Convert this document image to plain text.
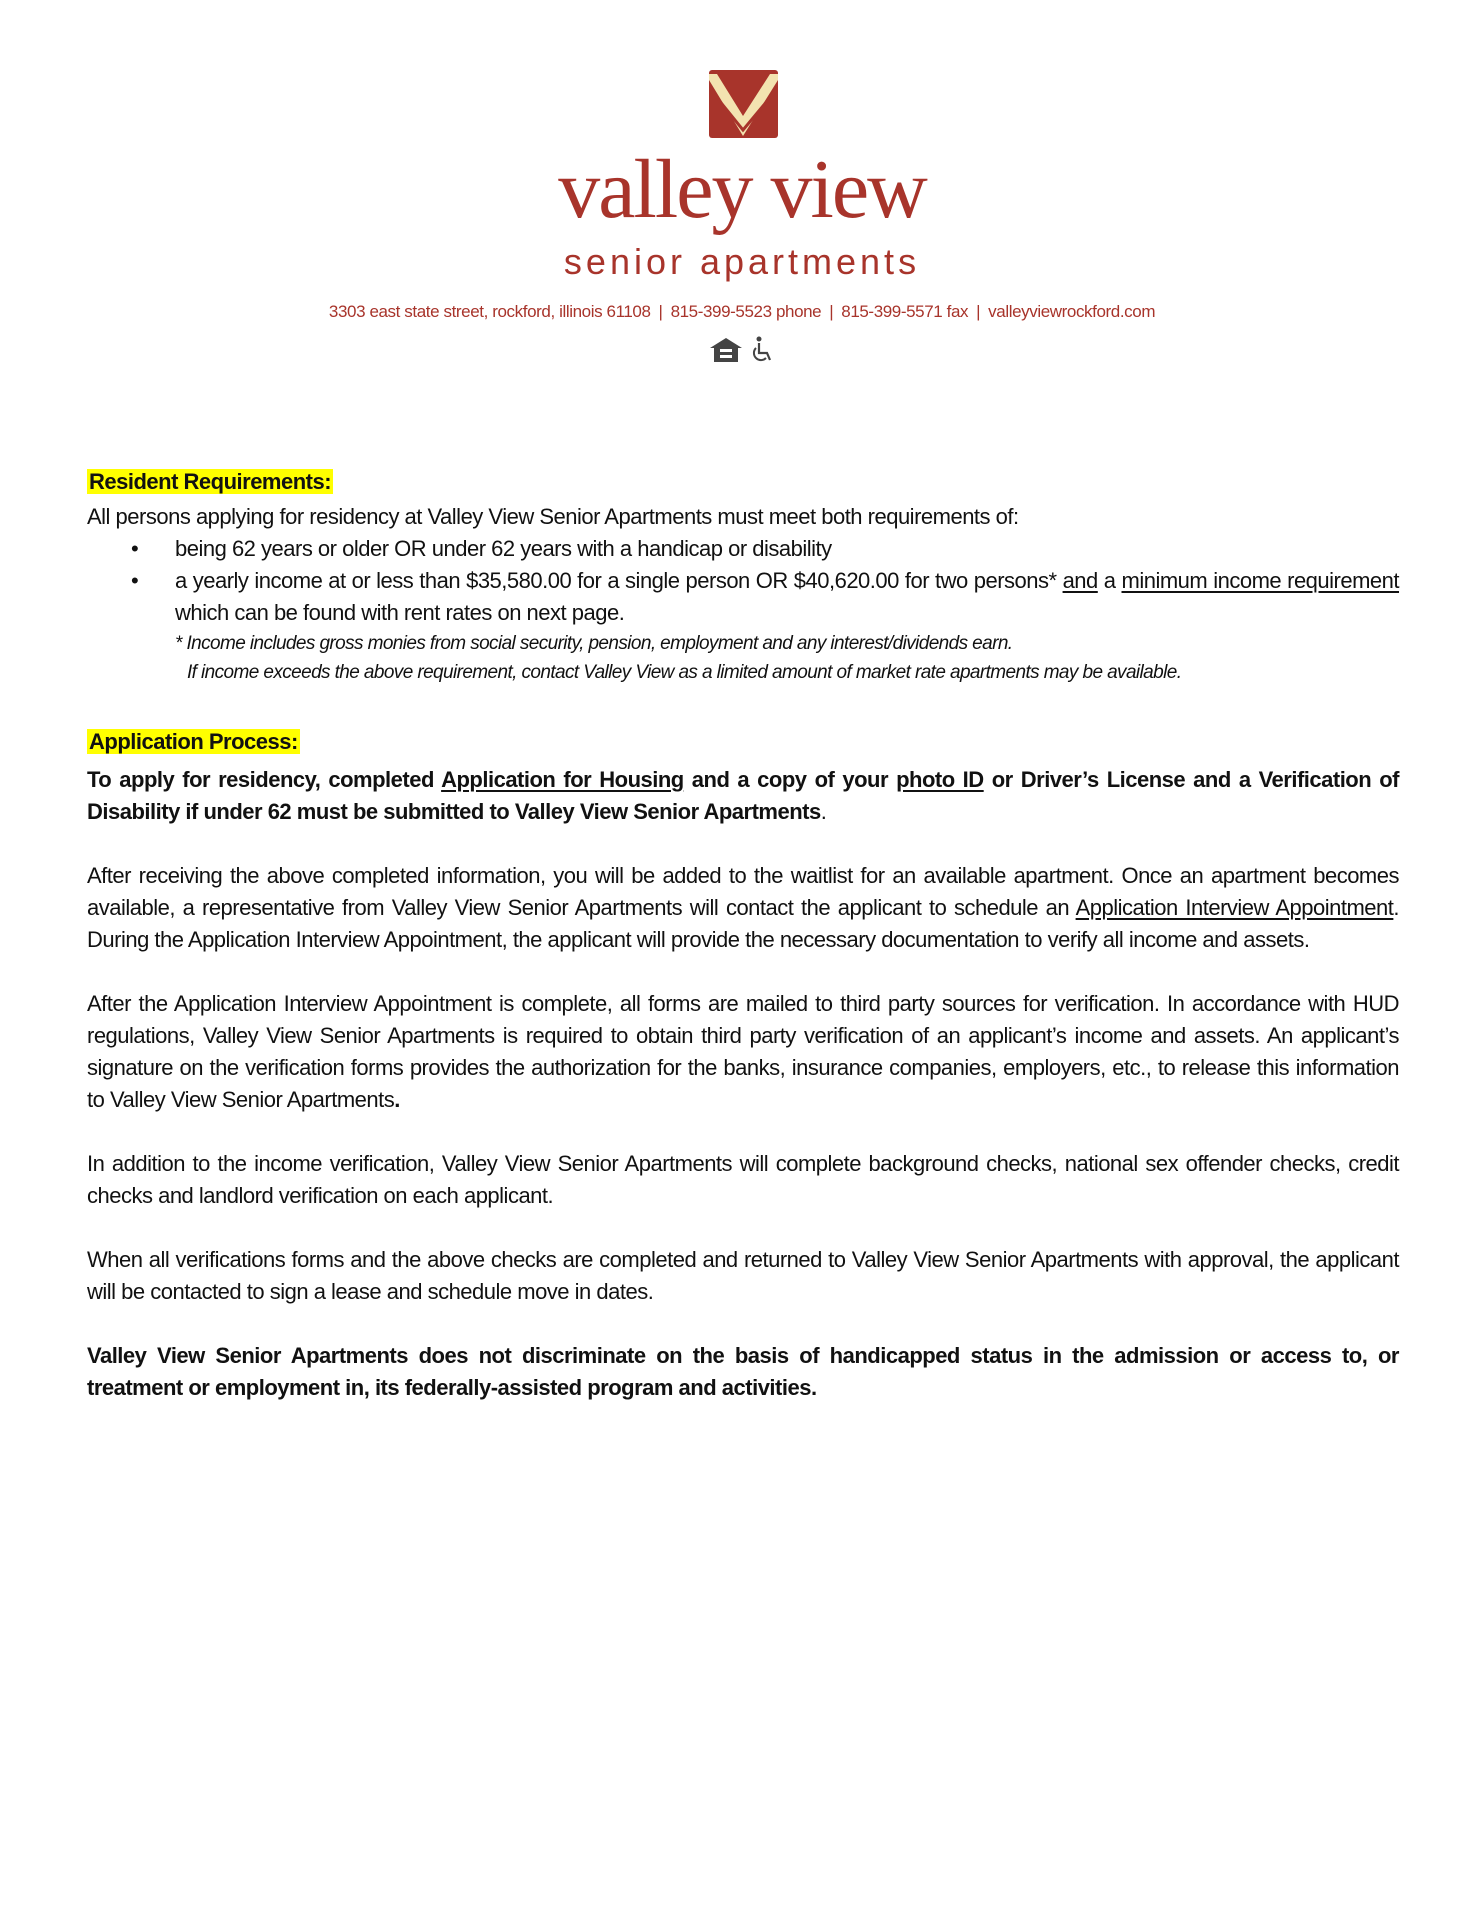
valley view
senior apartments
3303 east state street, rockford, illinois 61108 | 815-399-5523 phone | 815-399-5571 fax | valleyviewrockford.com

Resident Requirements:

All persons applying for residency at Valley View Senior Apartments must meet both requirements of:

• being 62 years or older OR under 62 years with a handicap or disability
• a yearly income at or less than $35,580.00 for a single person OR $40,620.00 for two persons* and a minimum income requirement which can be found with rent rates on next page.
* Income includes gross monies from social security, pension, employment and any interest/dividends earn.
If income exceeds the above requirement, contact Valley View as a limited amount of market rate apartments may be available.
Application Process:

To apply for residency, completed Application for Housing and a copy of your photo ID or Driver’s License and a Verification of Disability if under 62 must be submitted to Valley View Senior Apartments.

After receiving the above completed information, you will be added to the waitlist for an available apartment. Once an apartment becomes available, a representative from Valley View Senior Apartments will contact the applicant to schedule an Application Interview Appointment. During the Application Interview Appointment, the applicant will provide the necessary documentation to verify all income and assets.

After the Application Interview Appointment is complete, all forms are mailed to third party sources for verification. In accordance with HUD regulations, Valley View Senior Apartments is required to obtain third party verification of an applicant’s income and assets. An applicant’s signature on the verification forms provides the authorization for the banks, insurance companies, employers, etc., to release this information to Valley View Senior Apartments.

In addition to the income verification, Valley View Senior Apartments will complete background checks, national sex offender checks, credit checks and landlord verification on each applicant.

When all verifications forms and the above checks are completed and returned to Valley View Senior Apartments with approval, the applicant will be contacted to sign a lease and schedule move in dates.

Valley View Senior Apartments does not discriminate on the basis of handicapped status in the admission or access to, or treatment or employment in, its federally-assisted program and activities.
